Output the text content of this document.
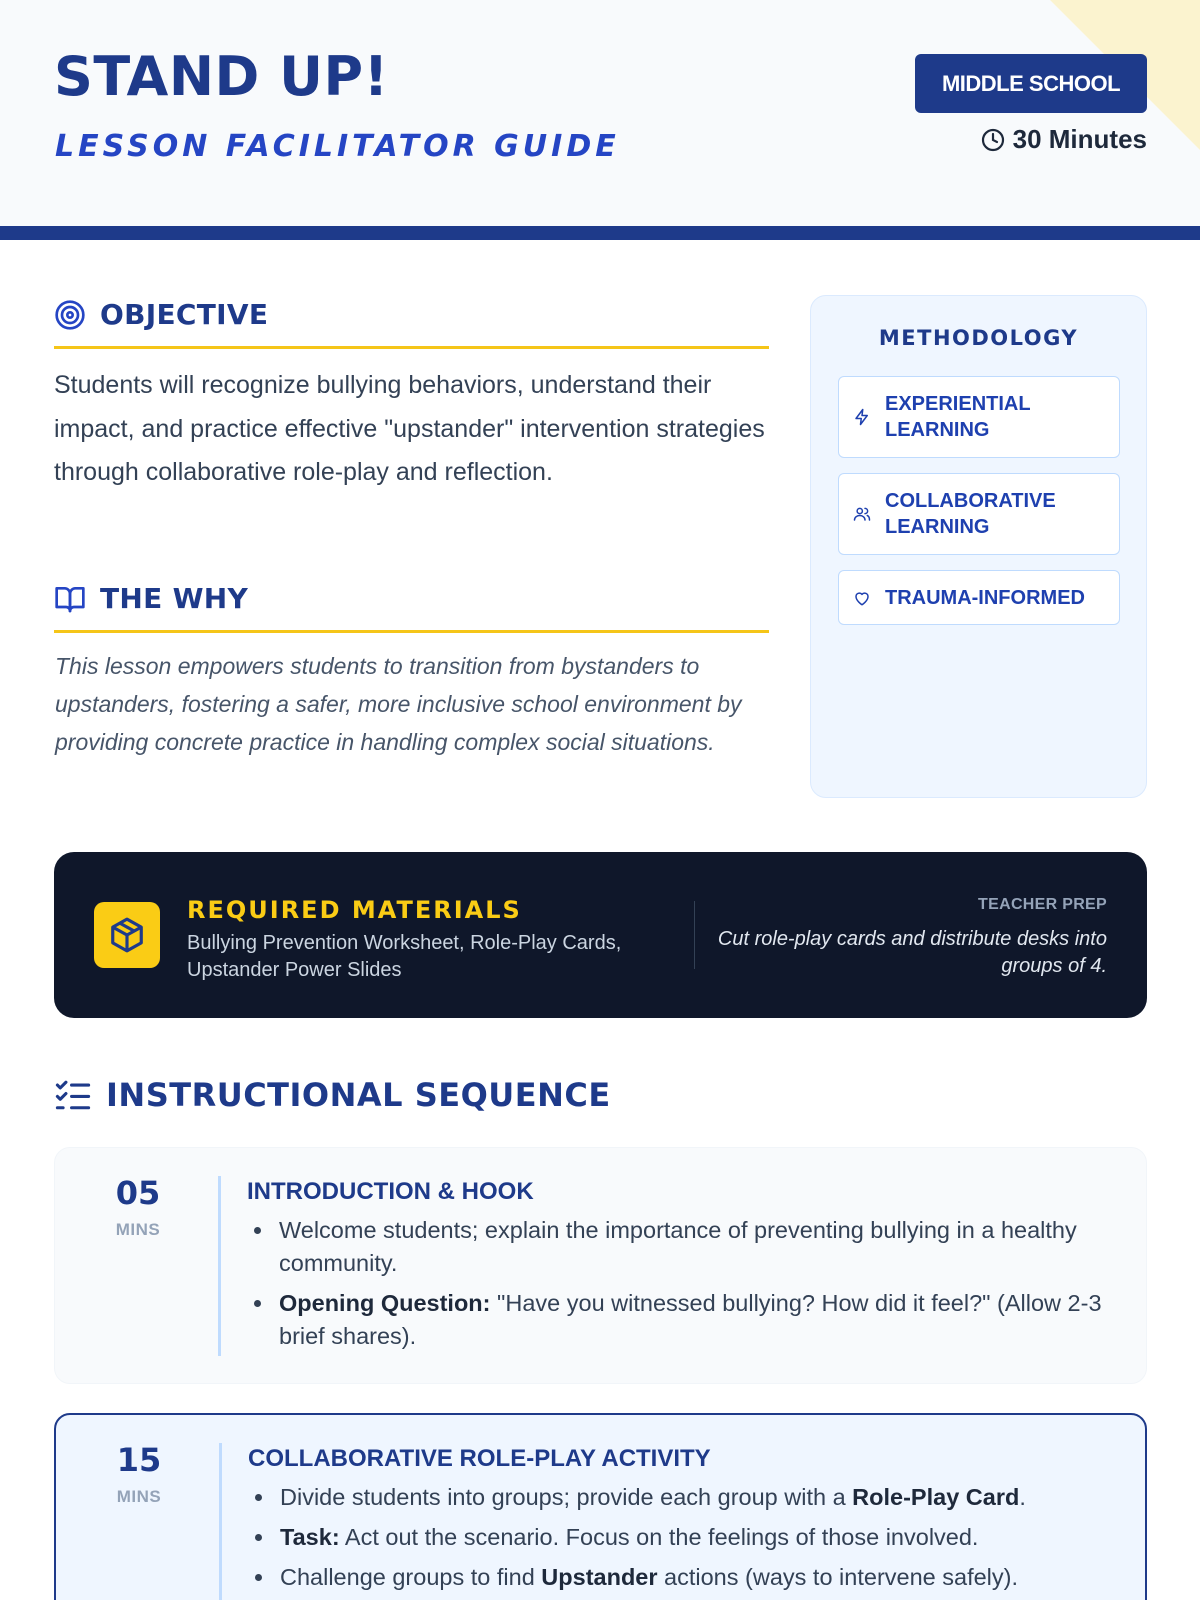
STAND UP!
LESSON FACILITATOR GUIDE
MIDDLE SCHOOL
30 Minutes
OBJECTIVE

Students will recognize bullying behaviors, understand their impact, and practice effective "upstander" intervention strategies through collaborative role-play and reflection.

THE WHY

This lesson empowers students to transition from bystanders to upstanders, fostering a safer, more inclusive school environment by providing concrete practice in handling complex social situations.

METHODOLOGY
EXPERIENTIAL
LEARNING
COLLABORATIVE
LEARNING
TRAUMA-INFORMED
REQUIRED MATERIALS
Bullying Prevention Worksheet, Role-Play Cards, Upstander Power Slides
TEACHER PREP
Cut role-play cards and distribute desks into groups of 4.
INSTRUCTIONAL SEQUENCE
05
MINS
INTRODUCTION & HOOK
• Welcome students; explain the importance of preventing bullying in a healthy community.
• Opening Question: "Have you witnessed bullying? How did it feel?" (Allow 2-3 brief shares).
15
MINS
COLLABORATIVE ROLE-PLAY ACTIVITY
• Divide students into groups; provide each group with a Role-Play Card.
• Task: Act out the scenario. Focus on the feelings of those involved.
• Challenge groups to find Upstander actions (ways to intervene safely).
